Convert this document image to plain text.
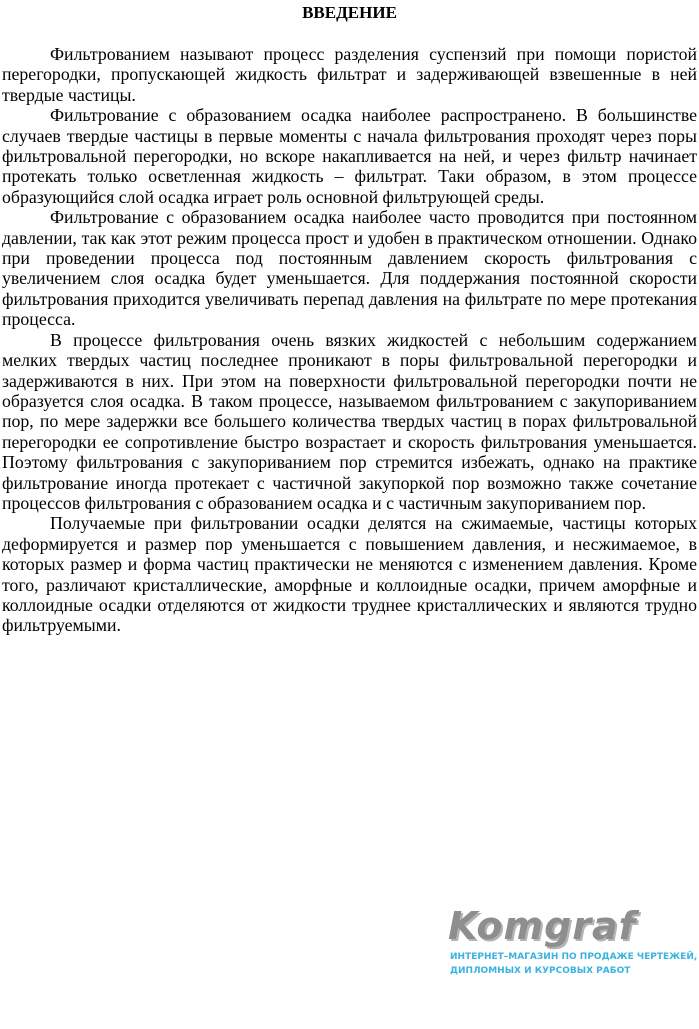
ВВЕДЕНИЕ

Фильтрованием называют процесс разделения суспензий при помощи пористой перегородки, пропускающей жидкость фильтрат и задерживающей взвешенные в ней твердые частицы.

Фильтрование с образованием осадка наиболее распространено. В большинстве случаев твердые частицы в первые моменты с начала фильтрования проходят через поры фильтровальной перегородки, но вскоре накапливается на ней, и через фильтр начинает протекать только осветленная жидкость – фильтрат. Таки образом, в этом процессе образующийся слой осадка играет роль основной фильтрующей среды.

Фильтрование с образованием осадка наиболее часто проводится при постоянном давлении, так как этот режим процесса прост и удобен в практическом отношении. Однако при проведении процесса под постоянным давлением скорость фильтрования с увеличением слоя осадка будет уменьшается. Для поддержания постоянной скорости фильтрования приходится увеличивать перепад давления на фильтрате по мере протекания процесса.

В процессе фильтрования очень вязких жидкостей с небольшим содержанием мелких твердых частиц последнее проникают в поры фильтровальной перегородки и задерживаются в них. При этом на поверхности фильтровальной перегородки почти не образуется слоя осадка. В таком процессе, называемом фильтрованием с закупориванием пор, по мере задержки все большего количества твердых частиц в порах фильтровальной перегородки ее сопротивление быстро возрастает и скорость фильтрования уменьшается. Поэтому фильтрования с закупориванием пор стремится избежать, однако на практике фильтрование иногда протекает с частичной закупоркой пор возможно также сочетание процессов фильтрования с образованием осадка и с частичным закупориванием пор.

Получаемые при фильтровании осадки делятся на сжимаемые, частицы которых деформируется и размер пор уменьшается с повышением давления, и несжимаемое, в которых размер и форма частиц практически не меняются с изменением давления. Кроме того, различают кристаллические, аморфные и коллоидные осадки, причем аморфные и коллоидные осадки отделяются от жидкости труднее кристаллических и являются трудно фильтруемыми.

Komgraf
ИНТЕРНЕТ–МАГАЗИН ПО ПРОДАЖЕ ЧЕРТЕЖЕЙ,
ДИПЛОМНЫХ И КУРСОВЫХ РАБОТ
